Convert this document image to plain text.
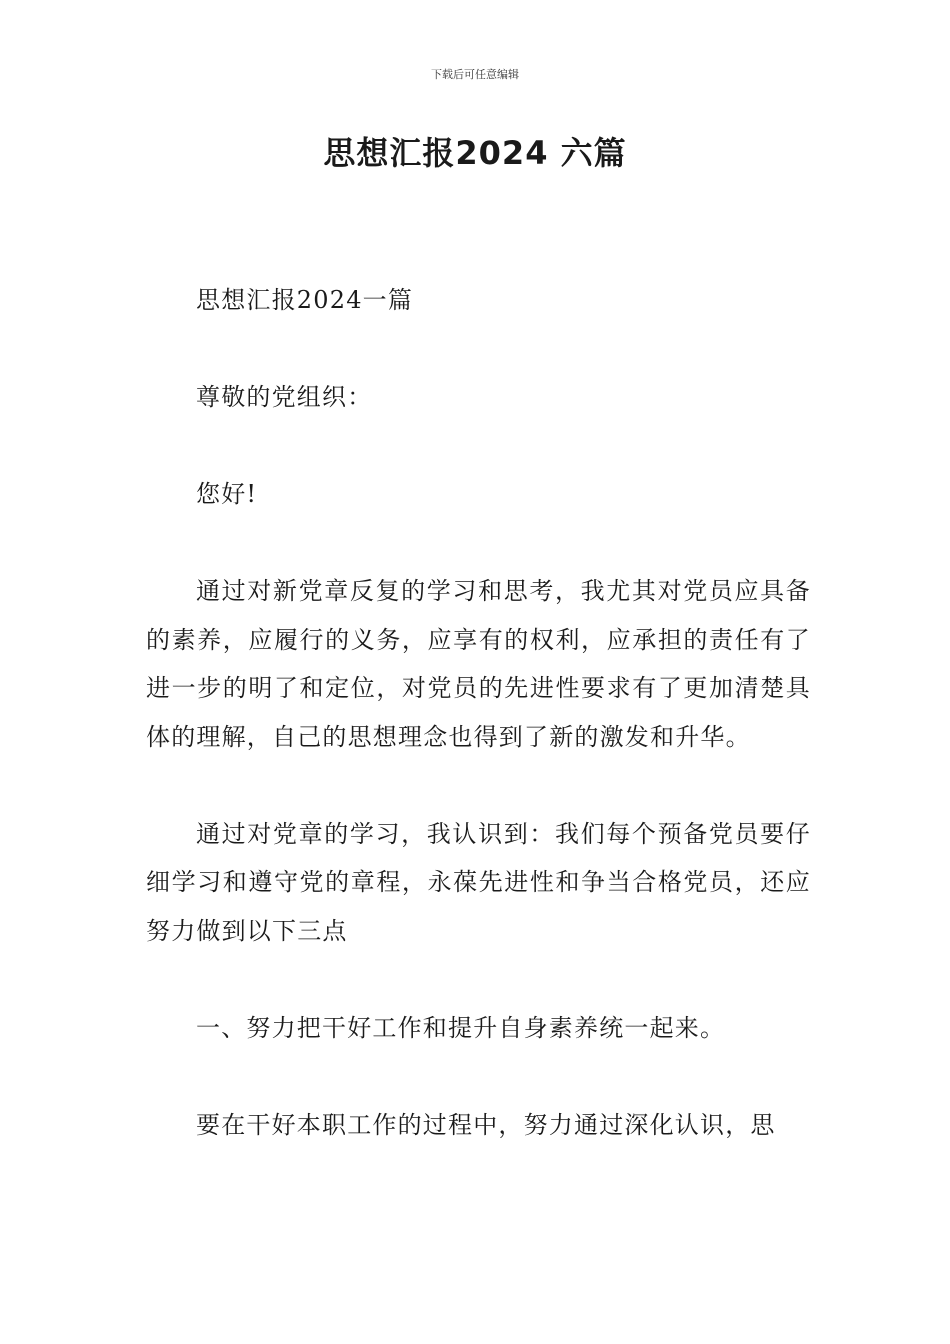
下载后可任意编辑
思想汇报2024 六篇

思想汇报2024一篇

尊敬的党组织：

您好!

通过对新党章反复的学习和思考，我尤其对党员应具备的素养，应履行的义务，应享有的权利，应承担的责任有了进一步的明了和定位，对党员的先进性要求有了更加清楚具体的理解，自己的思想理念也得到了新的激发和升华。

通过对党章的学习，我认识到：我们每个预备党员要仔细学习和遵守党的章程，永葆先进性和争当合格党员，还应努力做到以下三点

一、努力把干好工作和提升自身素养统一起来。

要在干好本职工作的过程中，努力通过深化认识，思
